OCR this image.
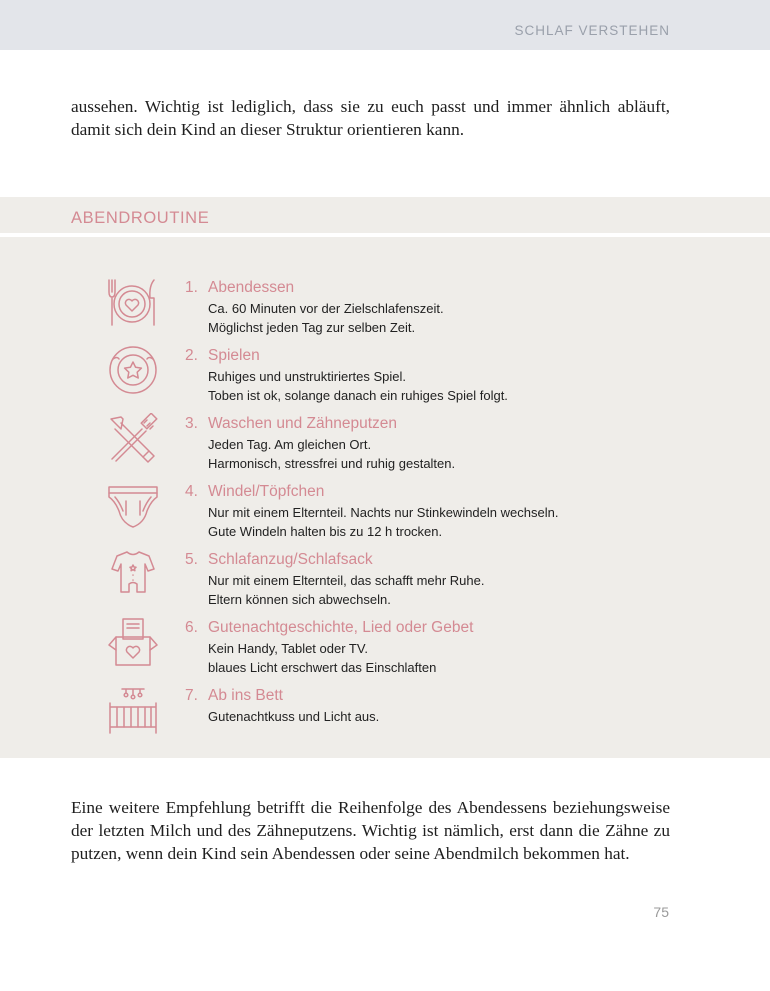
SCHLAF VERSTEHEN

aussehen. Wichtig ist lediglich, dass sie zu euch passt und immer ähnlich abläuft, damit sich dein Kind an dieser Struktur orientieren kann.

ABENDROUTINE
1. Abendessen
Ca. 60 Minuten vor der Zielschlafenszeit.
Möglichst jeden Tag zur selben Zeit.
2. Spielen
Ruhiges und unstruktiriertes Spiel.
Toben ist ok, solange danach ein ruhiges Spiel folgt.
3. Waschen und Zähneputzen
Jeden Tag. Am gleichen Ort.
Harmonisch, stressfrei und ruhig gestalten.
4. Windel/Töpfchen
Nur mit einem Elternteil. Nachts nur Stinkewindeln wechseln.
Gute Windeln halten bis zu 12 h trocken.
5. Schlafanzug/Schlafsack
Nur mit einem Elternteil, das schafft mehr Ruhe.
Eltern können sich abwechseln.
6. Gutenachtgeschichte, Lied oder Gebet
Kein Handy, Tablet oder TV.
blaues Licht erschwert das Einschlaften
7. Ab ins Bett
Gutenachtkuss und Licht aus.

Eine weitere Empfehlung betrifft die Reihenfolge des Abendessens beziehungsweise der letzten Milch und des Zähneputzens. Wichtig ist nämlich, erst dann die Zähne zu putzen, wenn dein Kind sein Abendessen oder seine Abendmilch bekommen hat.

75
